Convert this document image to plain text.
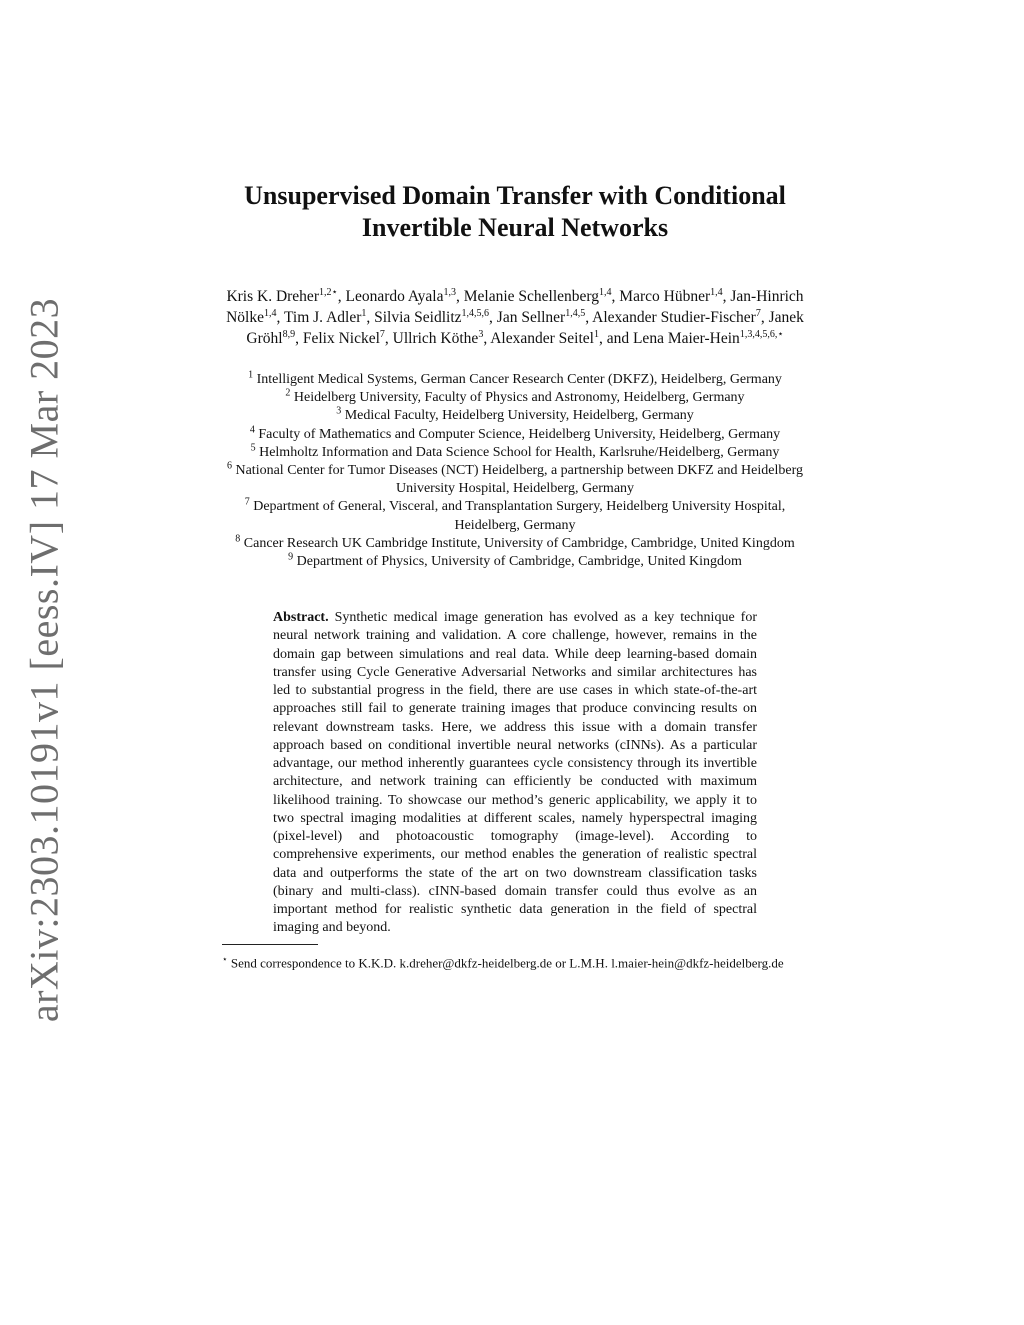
arXiv:2303.10191v1 [eess.IV] 17 Mar 2023
Unsupervised Domain Transfer with Conditional
Invertible Neural Networks
Kris K. Dreher$^{1,2⋆}$, Leonardo Ayala$^{1,3}$, Melanie Schellenberg$^{1,4}$, Marco Hübner$^{1,4}$, Jan-Hinrich Nölke$^{1,4}$, Tim J. Adler$^1$, Silvia Seidlitz$^{1,4,5,6}$, Jan Sellner$^{1,4,5}$, Alexander Studier-Fischer$^7$, Janek Gröhl$^{8,9}$, Felix Nickel$^7$, Ullrich Köthe$^3$, Alexander Seitel$^1$, and Lena Maier-Hein$^{1,3,4,5,6,⋆}$

$^1$ Intelligent Medical Systems, German Cancer Research Center (DKFZ), Heidelberg, Germany

$^2$ Heidelberg University, Faculty of Physics and Astronomy, Heidelberg, Germany

$^3$ Medical Faculty, Heidelberg University, Heidelberg, Germany

$^4$ Faculty of Mathematics and Computer Science, Heidelberg University, Heidelberg, Germany

$^5$ Helmholtz Information and Data Science School for Health, Karlsruhe/Heidelberg, Germany

$^6$ National Center for Tumor Diseases (NCT) Heidelberg, a partnership between DKFZ and Heidelberg University Hospital, Heidelberg, Germany

$^7$ Department of General, Visceral, and Transplantation Surgery, Heidelberg University Hospital, Heidelberg, Germany

$^8$ Cancer Research UK Cambridge Institute, University of Cambridge, Cambridge, United Kingdom

$^9$ Department of Physics, University of Cambridge, Cambridge, United Kingdom

Abstract. Synthetic medical image generation has evolved as a key technique for neural network training and validation. A core challenge, however, remains in the domain gap between simulations and real data. While deep learning-based domain transfer using Cycle Generative Adversarial Networks and similar architectures has led to substantial progress in the field, there are use cases in which state-of-the-art approaches still fail to generate training images that produce convincing results on relevant downstream tasks. Here, we address this issue with a domain transfer approach based on conditional invertible neural networks (cINNs). As a particular advantage, our method inherently guarantees cycle consistency through its invertible architecture, and network training can efficiently be conducted with maximum likelihood training. To showcase our method’s generic applicability, we apply it to two spectral imaging modalities at different scales, namely hyperspectral imaging (pixel-level) and photoacoustic tomography (image-level). According to comprehensive experiments, our method enables the generation of realistic spectral data and outperforms the state of the art on two downstream classification tasks (binary and multi-class). cINN-based domain transfer could thus evolve as an important method for realistic synthetic data generation in the field of spectral imaging and beyond.
⋆ Send correspondence to K.K.D. k.dreher@dkfz-heidelberg.de or L.M.H. l.maier-hein@dkfz-heidelberg.de
